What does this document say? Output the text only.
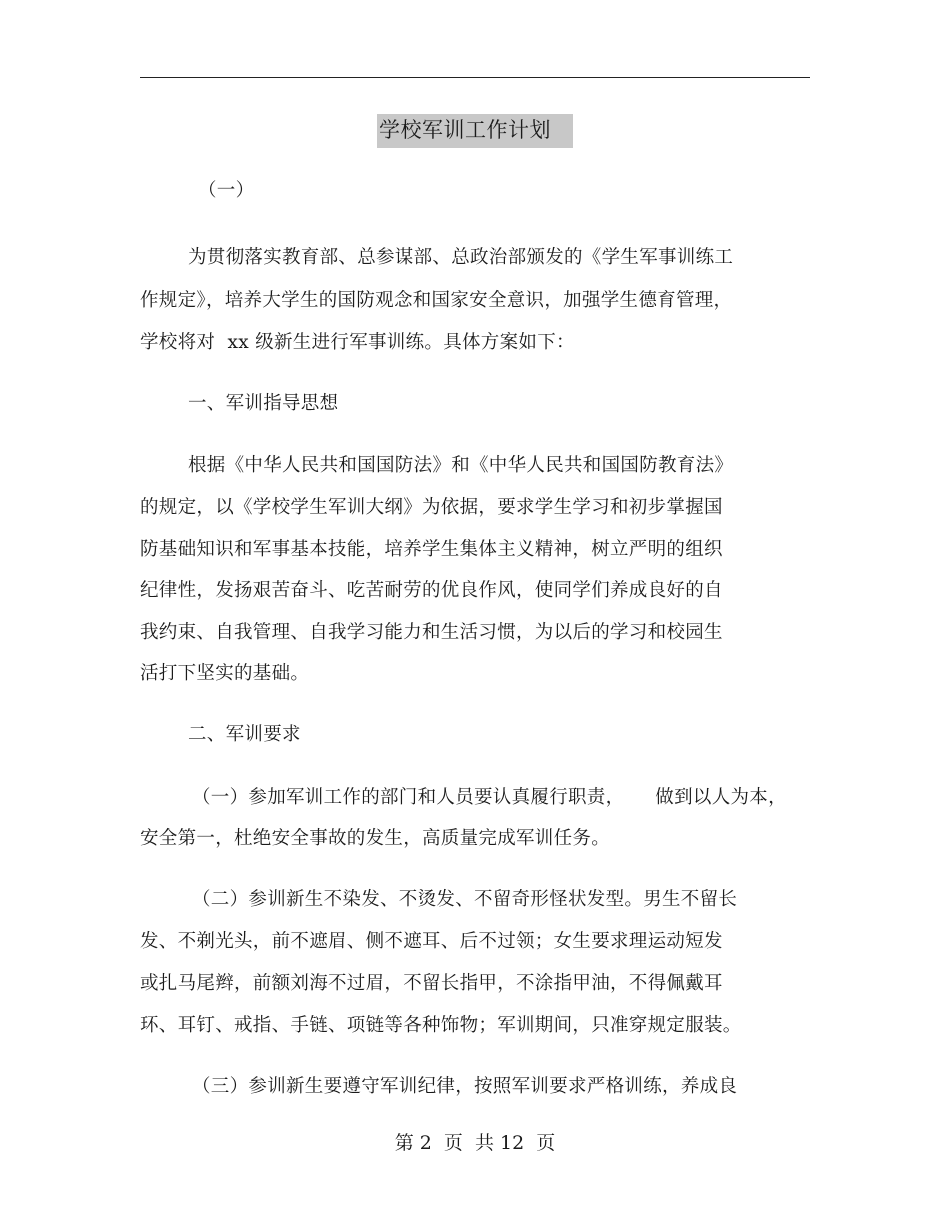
学校军训工作计划
（一）
为贯彻落实教育部、总参谋部、总政治部颁发的《学生军事训练工
作规定》，培养大学生的国防观念和国家安全意识，加强学生德育管理，
学校将对  xx 级新生进行军事训练。具体方案如下：
一、军训指导思想
根据《中华人民共和国国防法》和《中华人民共和国国防教育法》
的规定，以《学校学生军训大纲》为依据，要求学生学习和初步掌握国
防基础知识和军事基本技能，培养学生集体主义精神，树立严明的组织
纪律性，发扬艰苦奋斗、吃苦耐劳的优良作风，使同学们养成良好的自
我约束、自我管理、自我学习能力和生活习惯，为以后的学习和校园生
活打下坚实的基础。
二、军训要求
（一）参加军训工作的部门和人员要认真履行职责，     做到以人为本，
安全第一，杜绝安全事故的发生，高质量完成军训任务。
（二）参训新生不染发、不烫发、不留奇形怪状发型。男生不留长
发、不剃光头，前不遮眉、侧不遮耳、后不过领；女生要求理运动短发
或扎马尾辫，前额刘海不过眉，不留长指甲，不涂指甲油，不得佩戴耳
环、耳钉、戒指、手链、项链等各种饰物；军训期间，只准穿规定服装。
（三）参训新生要遵守军训纪律，按照军训要求严格训练，养成良
第 2  页  共 12  页
